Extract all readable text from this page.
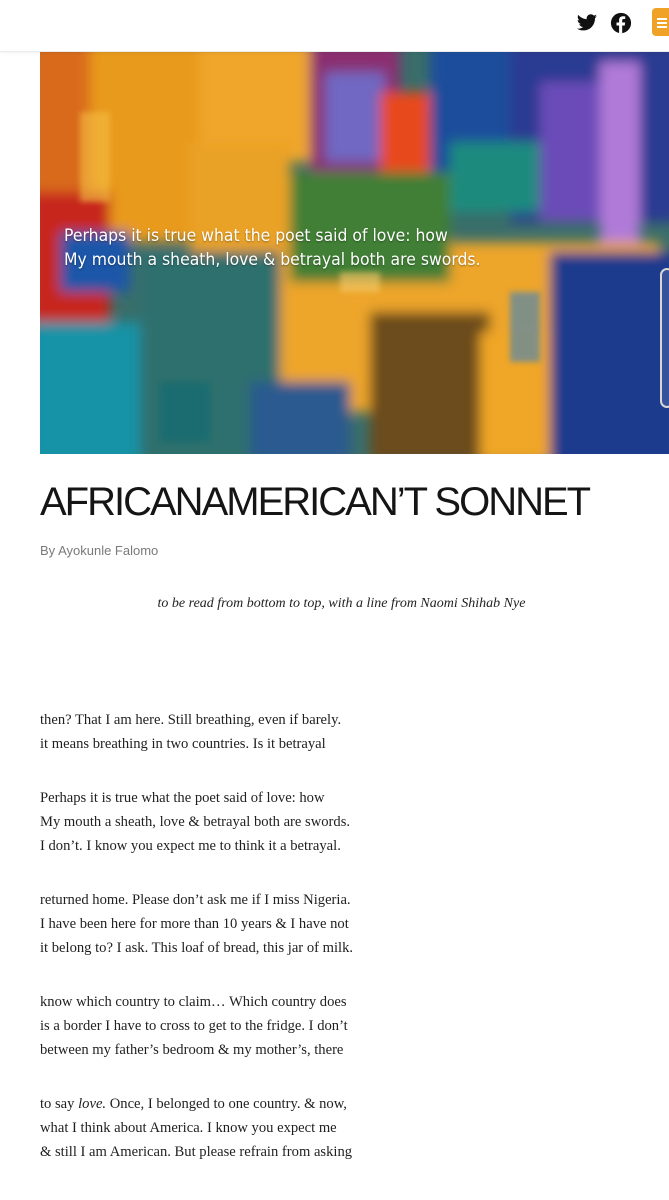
Perhaps it is true what the poet said of love: how
My mouth a sheath, love & betrayal both are swords.
AFRICANAMERICAN’T SONNET
By Ayokunle Falomo

to be read from bottom to top, with a line from Naomi Shihab Nye

then? That I am here. Still breathing, even if barely.
it means breathing in two countries. Is it betrayal
Perhaps it is true what the poet said of love: how
My mouth a sheath, love & betrayal both are swords.
I don’t. I know you expect me to think it a betrayal.
returned home. Please don’t ask me if I miss Nigeria.
I have been here for more than 10 years & I have not
it belong to? I ask. This loaf of bread, this jar of milk.
know which country to claim… Which country does
is a border I have to cross to get to the fridge. I don’t
between my father’s bedroom & my mother’s, there
to say love. Once, I belonged to one country. & now,
what I think about America. I know you expect me
& still I am American. But please refrain from asking
